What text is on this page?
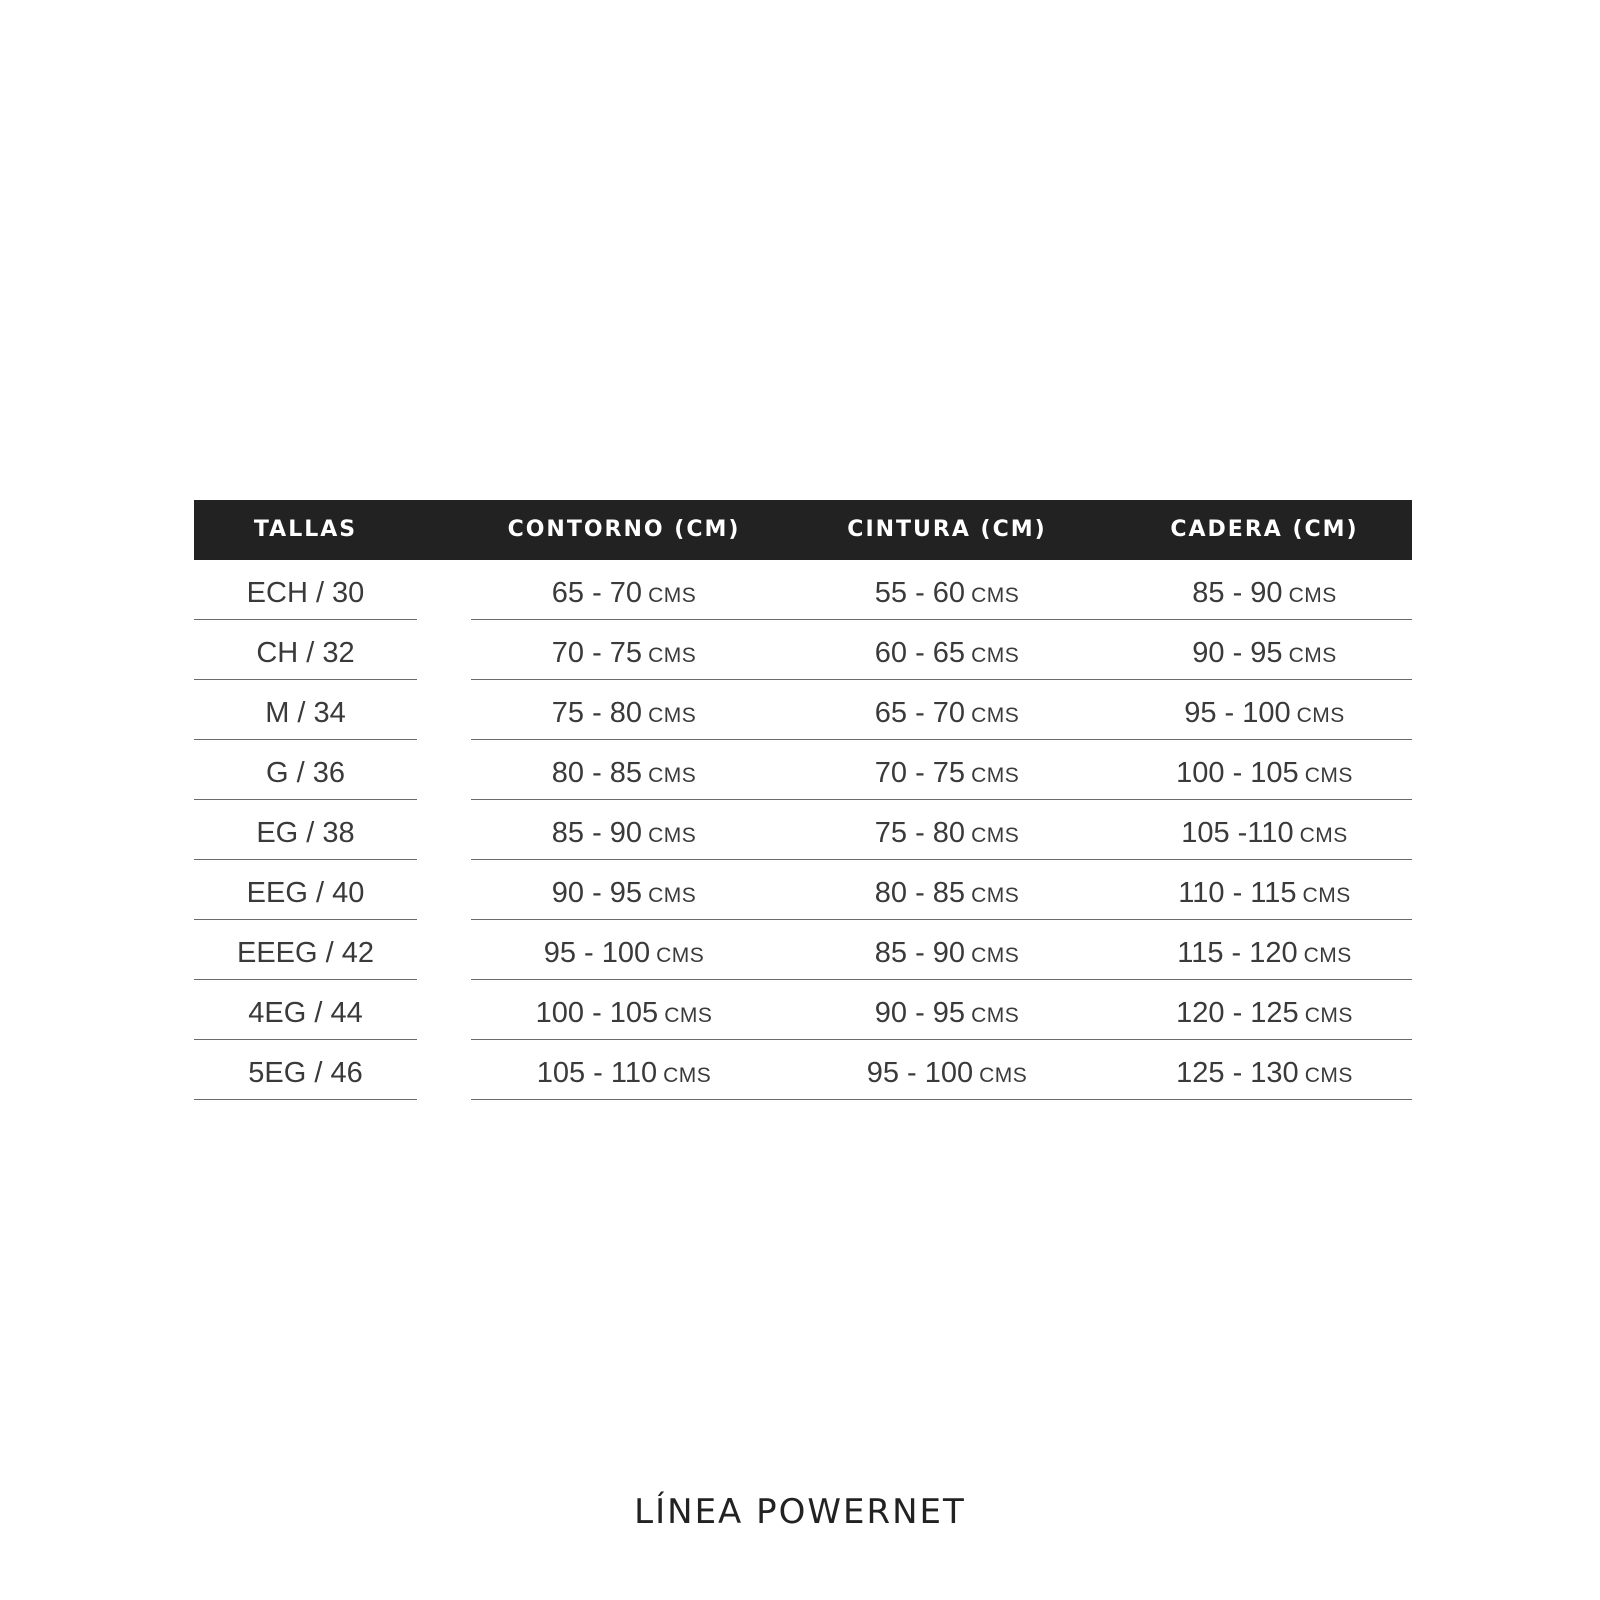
TALLAS	CONTORNO (CM)	CINTURA (CM)	CADERA (CM)
ECH / 30	65 - 70 CMS	55 - 60 CMS	85 - 90 CMS
CH / 32	70 - 75 CMS	60 - 65 CMS	90 - 95 CMS
M / 34	75 - 80 CMS	65 - 70 CMS	95 - 100 CMS
G / 36	80 - 85 CMS	70 - 75 CMS	100 - 105 CMS
EG / 38	85 - 90 CMS	75 - 80 CMS	105 -110 CMS
EEG / 40	90 - 95 CMS	80 - 85 CMS	110 - 115 CMS
EEEG / 42	95 - 100 CMS	85 - 90 CMS	115 - 120 CMS
4EG / 44	100 - 105 CMS	90 - 95 CMS	120 - 125 CMS
5EG / 46	105 - 110 CMS	95 - 100 CMS	125 - 130 CMS
LÍNEA POWERNET
